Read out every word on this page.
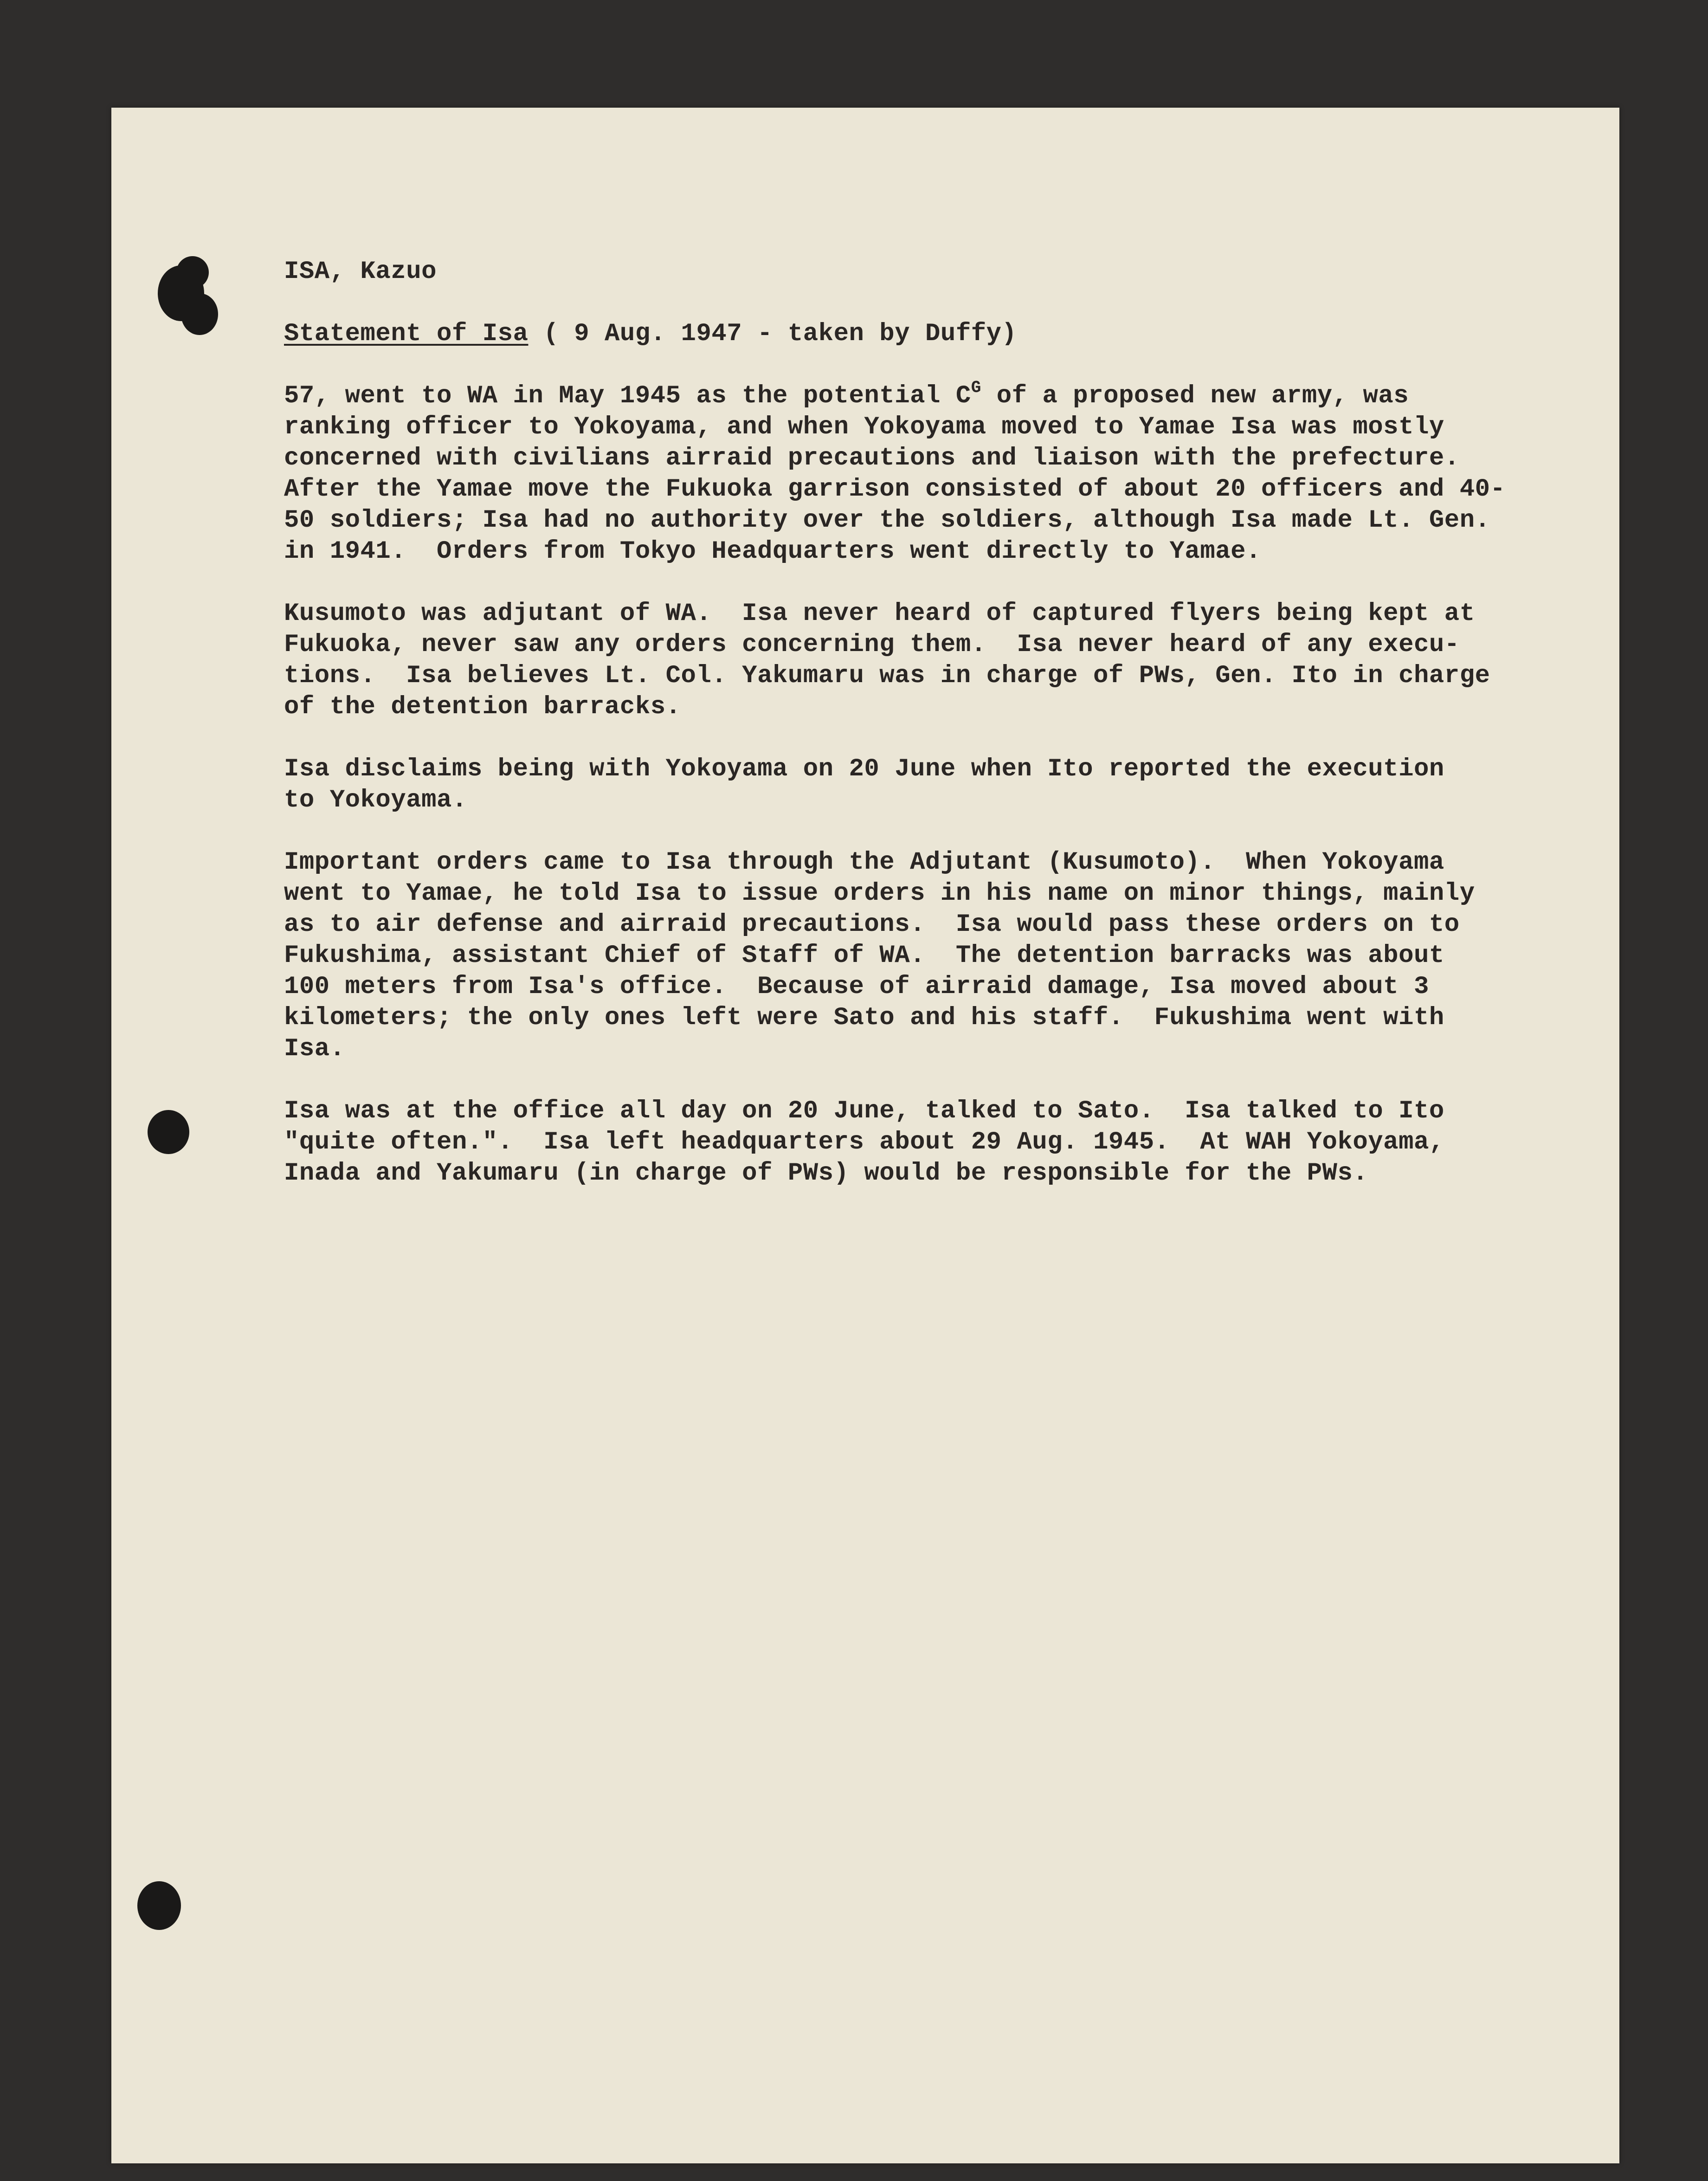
ISA, Kazuo
Statement of Isa ( 9 Aug. 1947 - taken by Duffy)
57, went to WA in May 1945 as the potential $C^G$ of a proposed new army, was
ranking officer to Yokoyama, and when Yokoyama moved to Yamae Isa was mostly
concerned with civilians airraid precautions and liaison with the prefecture.
After the Yamae move the Fukuoka garrison consisted of about 20 officers and 40-
50 soldiers; Isa had no authority over the soldiers, although Isa made Lt. Gen.
in 1941.  Orders from Tokyo Headquarters went directly to Yamae.
Kusumoto was adjutant of WA.  Isa never heard of captured flyers being kept at
Fukuoka, never saw any orders concerning them.  Isa never heard of any execu-
tions.  Isa believes Lt. Col. Yakumaru was in charge of PWs, Gen. Ito in charge
of the detention barracks.
Isa disclaims being with Yokoyama on 20 June when Ito reported the execution
to Yokoyama.
Important orders came to Isa through the Adjutant (Kusumoto).  When Yokoyama
went to Yamae, he told Isa to issue orders in his name on minor things, mainly
as to air defense and airraid precautions.  Isa would pass these orders on to
Fukushima, assistant Chief of Staff of WA.  The detention barracks was about
100 meters from Isa's office.  Because of airraid damage, Isa moved about 3
kilometers; the only ones left were Sato and his staff.  Fukushima went with
Isa.
Isa was at the office all day on 20 June, talked to Sato.  Isa talked to Ito
"quite often.".  Isa left headquarters about 29 Aug. 1945.  At WAH Yokoyama,
Inada and Yakumaru (in charge of PWs) would be responsible for the PWs.
